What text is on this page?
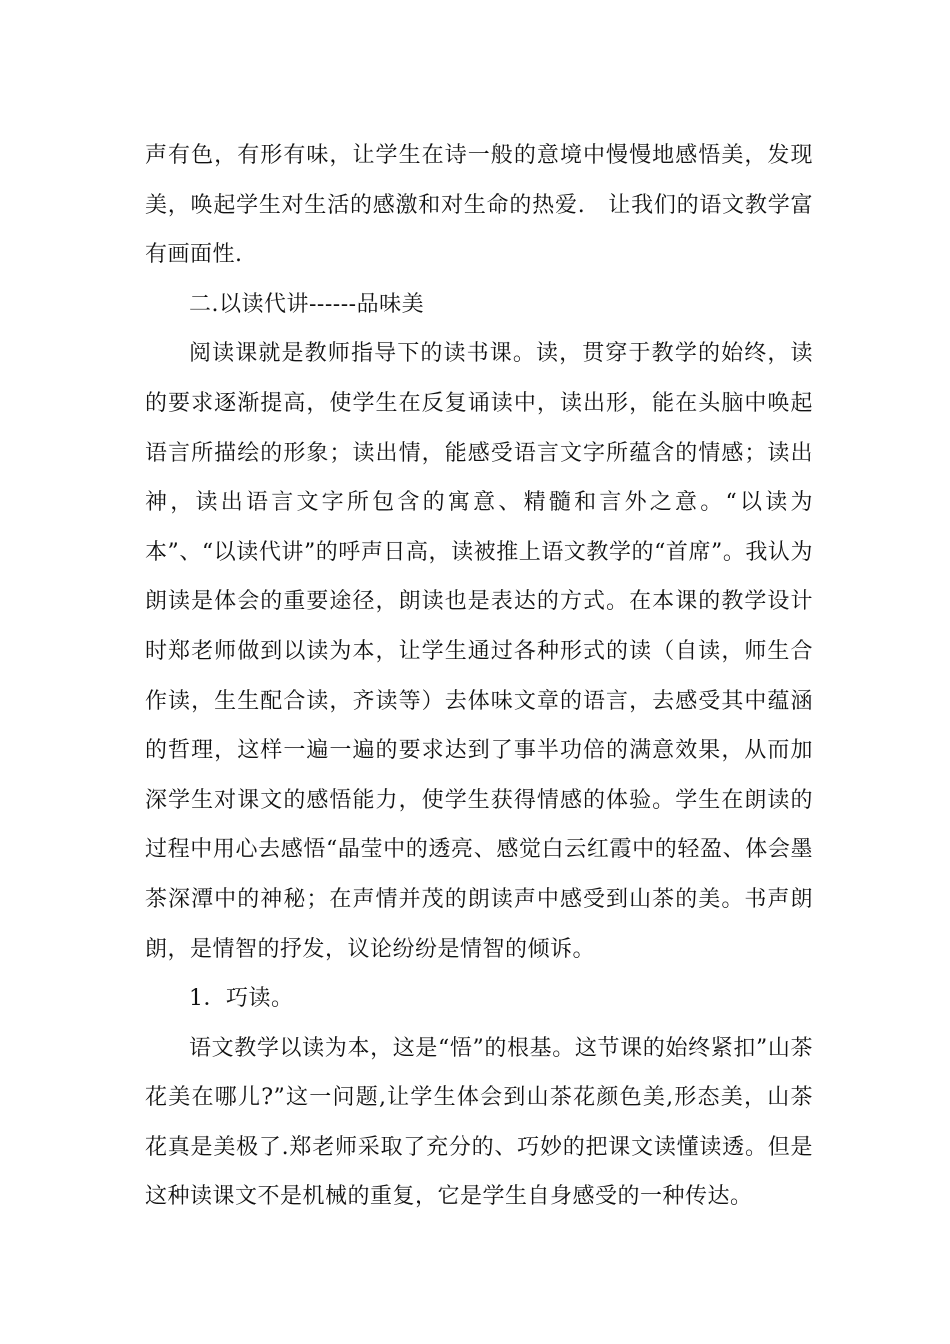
声有色，有形有味，让学生在诗一般的意境中慢慢地感悟美，发现美，唤起学生对生活的感激和对生命的热爱.　让我们的语文教学富有画面性.

二.以读代讲------品味美

阅读课就是教师指导下的读书课。读，贯穿于教学的始终，读的要求逐渐提高，使学生在反复诵读中，读出形，能在头脑中唤起语言所描绘的形象；读出情，能感受语言文字所蕴含的情感；读出神，读出语言文字所包含的寓意、精髓和言外之意。“以读为本”、“以读代讲”的呼声日高，读被推上语文教学的“首席”。我认为朗读是体会的重要途径，朗读也是表达的方式。在本课的教学设计时郑老师做到以读为本，让学生通过各种形式的读（自读，师生合作读，生生配合读，齐读等）去体味文章的语言，去感受其中蕴涵的哲理，这样一遍一遍的要求达到了事半功倍的满意效果，从而加深学生对课文的感悟能力，使学生获得情感的体验。学生在朗读的过程中用心去感悟“晶莹中的透亮、感觉白云红霞中的轻盈、体会墨茶深潭中的神秘；在声情并茂的朗读声中感受到山茶的美。书声朗朗，是情智的抒发，议论纷纷是情智的倾诉。

1．巧读。

语文教学以读为本，这是“悟”的根基。这节课的始终紧扣”山茶花美在哪儿?”这一问题,让学生体会到山茶花颜色美,形态美，山茶花真是美极了.郑老师采取了充分的、巧妙的把课文读懂读透。但是这种读课文不是机械的重复，它是学生自身感受的一种传达。
